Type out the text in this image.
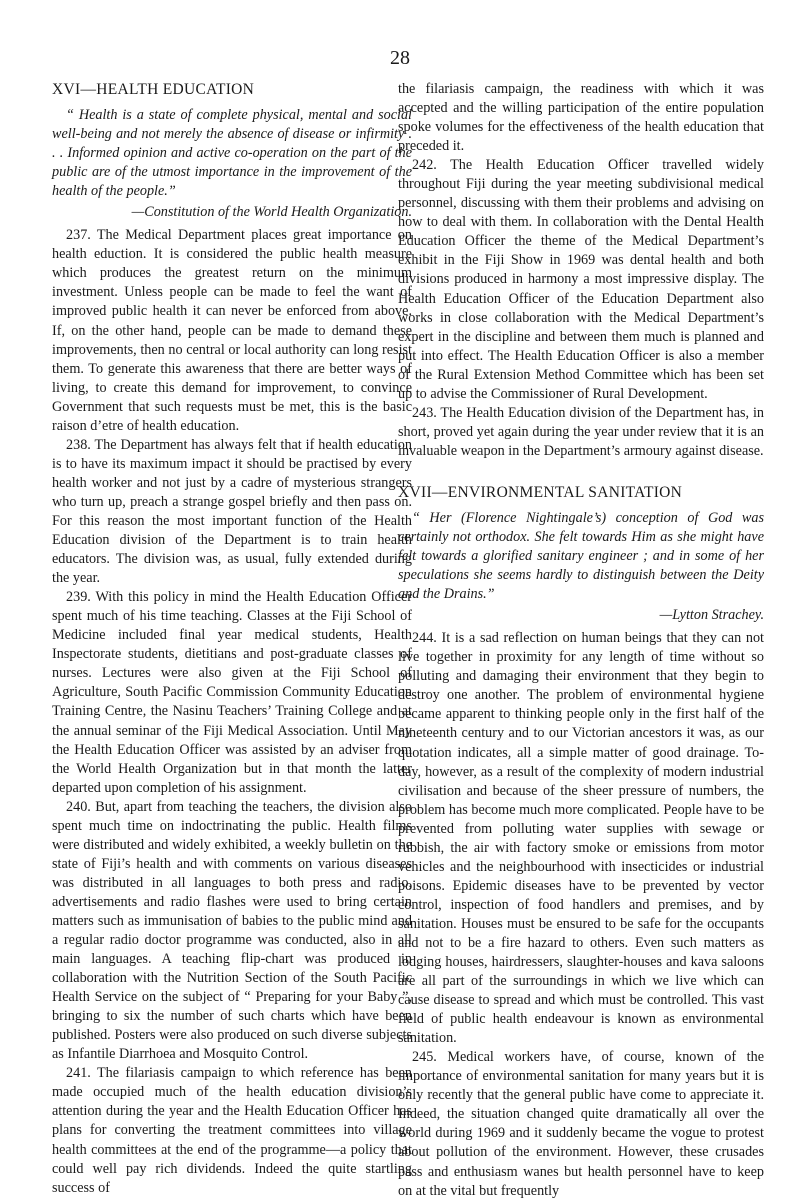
28
XVI—HEALTH EDUCATION

“ Health is a state of complete physical, mental and social well-being and not merely the absence of disease or infirmity . . . Informed opinion and active co-operation on the part of the public are of the utmost importance in the improvement of the health of the people.”

—Constitution of the World Health Organization.

237. The Medical Department places great importance on health eduction. It is considered the public health measure which produces the greatest return on the minimum investment. Unless people can be made to feel the want of improved public health it can never be enforced from above. If, on the other hand, people can be made to demand these improvements, then no central or local authority can long resist them. To generate this awareness that there are better ways of living, to create this demand for improvement, to convince Government that such requests must be met, this is the basic raison d’etre of health education.

238. The Department has always felt that if health education is to have its maximum impact it should be practised by every health worker and not just by a cadre of mysterious strangers who turn up, preach a strange gospel briefly and then pass on. For this reason the most important function of the Health Education division of the Department is to train health educators. The division was, as usual, fully extended during the year.

239. With this policy in mind the Health Education Officer spent much of his time teaching. Classes at the Fiji School of Medicine included final year medical students, Health Inspectorate students, dietitians and post-graduate classes of nurses. Lectures were also given at the Fiji School of Agriculture, South Pacific Commission Community Education Training Centre, the Nasinu Teachers’ Training College and at the annual seminar of the Fiji Medical Association. Until May the Health Education Officer was assisted by an adviser from the World Health Organization but in that month the latter departed upon completion of his assignment.

240. But, apart from teaching the teachers, the division also spent much time on indoctrinating the public. Health films were distributed and widely exhibited, a weekly bulletin on the state of Fiji’s health and with comments on various diseases was distributed in all languages to both press and radio, advertisements and radio flashes were used to bring certain matters such as immunisation of babies to the public mind and a regular radio doctor programme was conducted, also in all main languages. A teaching flip-chart was produced in collaboration with the Nutrition Section of the South Pacific Health Service on the subject of “ Preparing for your Baby ”, bringing to six the number of such charts which have been published. Posters were also produced on such diverse subjects as Infantile Diarrhoea and Mosquito Control.

241. The filariasis campaign to which reference has been made occupied much of the health education division’s attention during the year and the Health Education Officer has plans for converting the treatment committees into village health committees at the end of the programme—a policy that could well pay rich dividends. Indeed the quite startling success of

the filariasis campaign, the readiness with which it was accepted and the willing participation of the entire population spoke volumes for the effectiveness of the health education that preceded it.

242. The Health Education Officer travelled widely throughout Fiji during the year meeting subdivisional medical personnel, discussing with them their problems and advising on how to deal with them. In collaboration with the Dental Health Education Officer the theme of the Medical Department’s exhibit in the Fiji Show in 1969 was dental health and both divisions produced in harmony a most impressive display. The Health Education Officer of the Education Department also works in close collaboration with the Medical Department’s expert in the discipline and between them much is planned and put into effect. The Health Education Officer is also a member of the Rural Extension Method Committee which has been set up to advise the Commissioner of Rural Development.

243. The Health Education division of the Department has, in short, proved yet again during the year under review that it is an invaluable weapon in the Department’s armoury against disease.

XVII—ENVIRONMENTAL SANITATION

“ Her (Florence Nightingale’s) conception of God was certainly not orthodox. She felt towards Him as she might have felt towards a glorified sanitary engineer ; and in some of her speculations she seems hardly to distinguish between the Deity and the Drains.”

—Lytton Strachey.

244. It is a sad reflection on human beings that they can not live together in proximity for any length of time without so polluting and damaging their environment that they begin to destroy one another. The problem of environmental hygiene became apparent to thinking people only in the first half of the nineteenth century and to our Victorian ancestors it was, as our quotation indicates, all a simple matter of good drainage. To-day, however, as a result of the complexity of modern industrial civilisation and because of the sheer pressure of numbers, the problem has become much more complicated. People have to be prevented from polluting water supplies with sewage or rubbish, the air with factory smoke or emissions from motor vehicles and the neighbourhood with insecticides or industrial poisons. Epidemic diseases have to be prevented by vector control, inspection of food handlers and premises, and by sanitation. Houses must be ensured to be safe for the occupants and not to be a fire hazard to others. Even such matters as lodging houses, hairdressers, slaughter-houses and kava saloons are all part of the surroundings in which we live which can cause disease to spread and which must be controlled. This vast field of public health endeavour is known as environmental sanitation.

245. Medical workers have, of course, known of the importance of environmental sanitation for many years but it is only recently that the general public have come to appreciate it. Indeed, the situation changed quite dramatically all over the world during 1969 and it suddenly became the vogue to protest about pollution of the environment. However, these crusades pass and enthusiasm wanes but health personnel have to keep on at the vital but frequently
